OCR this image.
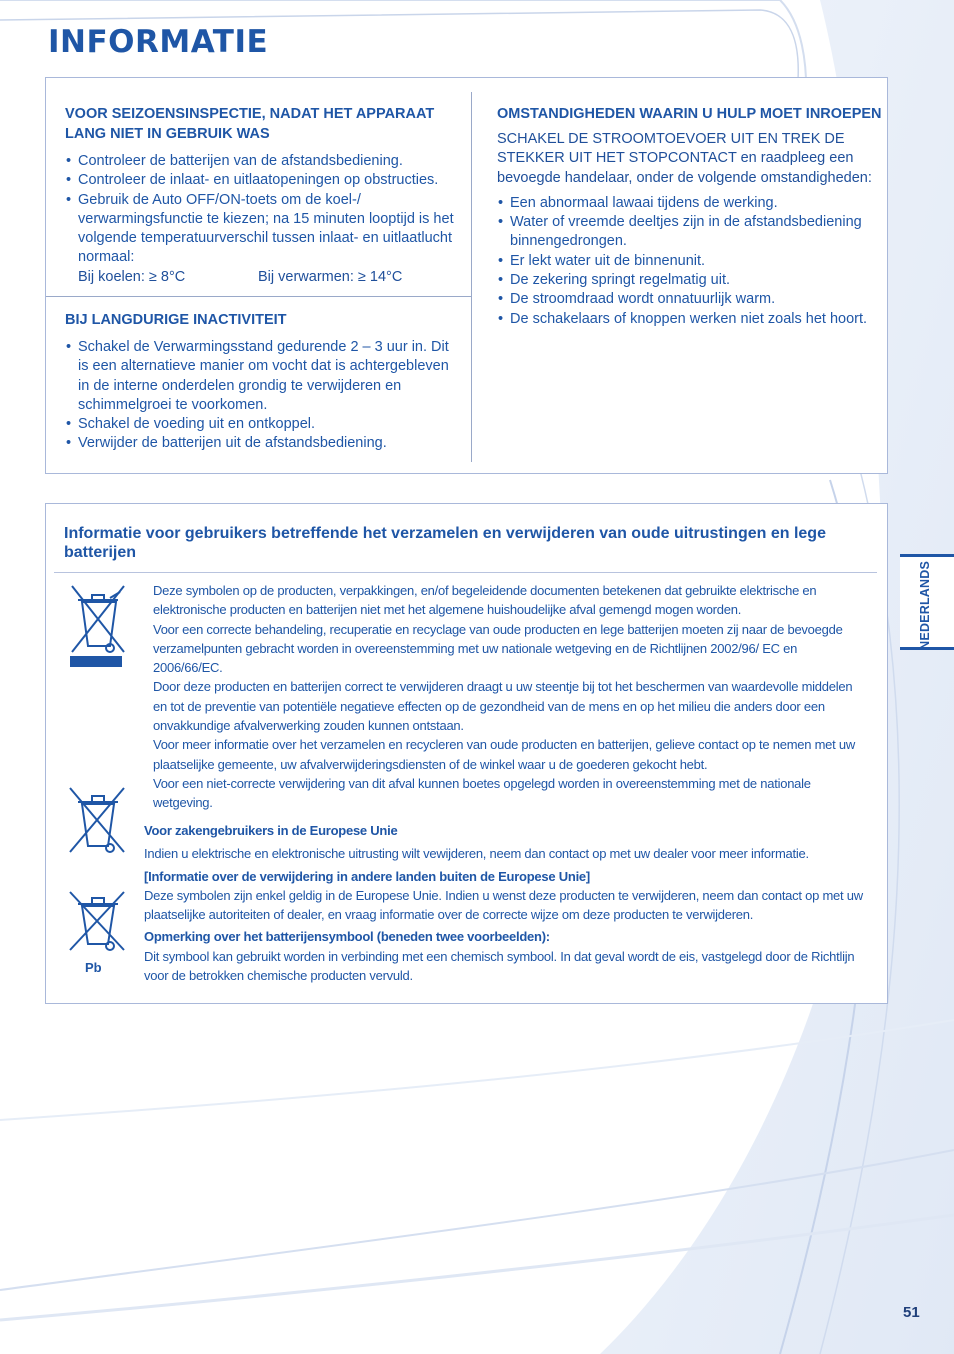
INFORMATIE

VOOR SEIZOENSINSPECTIE, NADAT HET APPARAAT LANG NIET IN GEBRUIK WAS

• Controleer de batterijen van de afstandsbediening.
• Controleer de inlaat- en uitlaatopeningen op obstructies.
• Gebruik de Auto OFF/ON-toets om de koel-/ verwarmingsfunctie te kiezen; na 15 minuten looptijd is het volgende temperatuurverschil tussen inlaat- en uitlaatlucht normaal:
Bij koelen: ≥ 8°C	Bij verwarmen: ≥ 14°C

BIJ LANGDURIGE INACTIVITEIT

• Schakel de Verwarmingsstand gedurende 2 – 3 uur in. Dit is een alternatieve manier om vocht dat is achtergebleven in de interne onderdelen grondig te verwijderen en schimmelgroei te voorkomen.
• Schakel de voeding uit en ontkoppel.
• Verwijder de batterijen uit de afstandsbediening.

OMSTANDIGHEDEN WAARIN U HULP MOET INROEPEN

SCHAKEL DE STROOMTOEVOER UIT EN TREK DE STEKKER UIT HET STOPCONTACT en raadpleeg een bevoegde handelaar, onder de volgende omstandigheden:

• Een abnormaal lawaai tijdens de werking.
• Water of vreemde deeltjes zijn in de afstandsbediening binnengedrongen.
• Er lekt water uit de binnenunit.
• De zekering springt regelmatig uit.
• De stroomdraad wordt onnatuurlijk warm.
• De schakelaars of knoppen werken niet zoals het hoort.

Informatie voor gebruikers betreffende het verzamelen en verwijderen van oude uitrustingen en lege batterijen

Pb

Deze symbolen op de producten, verpakkingen, en/of begeleidende documenten betekenen dat gebruikte elektrische en elektronische producten en batterijen niet met het algemene huishoudelijke afval gemengd mogen worden.

Voor een correcte behandeling, recuperatie en recyclage van oude producten en lege batterijen moeten zij naar de bevoegde verzamelpunten gebracht worden in overeenstemming met uw nationale wetgeving en de Richtlijnen 2002/96/ EC en 2006/66/EC.

Door deze producten en batterijen correct te verwijderen draagt u uw steentje bij tot het beschermen van waardevolle middelen en tot de preventie van potentiële negatieve effecten op de gezondheid van de mens en op het milieu die anders door een onvakkundige afvalverwerking zouden kunnen ontstaan.

Voor meer informatie over het verzamelen en recycleren van oude producten en batterijen, gelieve contact op te nemen met uw plaatselijke gemeente, uw afvalverwijderingsdiensten of de winkel waar u de goederen gekocht hebt.

Voor een niet-correcte verwijdering van dit afval kunnen boetes opgelegd worden in overeenstemming met de nationale wetgeving.

Voor zakengebruikers in de Europese Unie

Indien u elektrische en elektronische uitrusting wilt vewijderen, neem dan contact op met uw dealer voor meer informatie.

[Informatie over de verwijdering in andere landen buiten de Europese Unie]

Deze symbolen zijn enkel geldig in de Europese Unie. Indien u wenst deze producten te verwijderen, neem dan contact op met uw plaatselijke autoriteiten of dealer, en vraag informatie over de correcte wijze om deze producten te verwijderen.

Opmerking over het batterijensymbool (beneden twee voorbeelden):

Dit symbool kan gebruikt worden in verbinding met een chemisch symbool. In dat geval wordt de eis, vastgelegd door de Richtlijn voor de betrokken chemische producten vervuld.

NEDERLANDS
51
